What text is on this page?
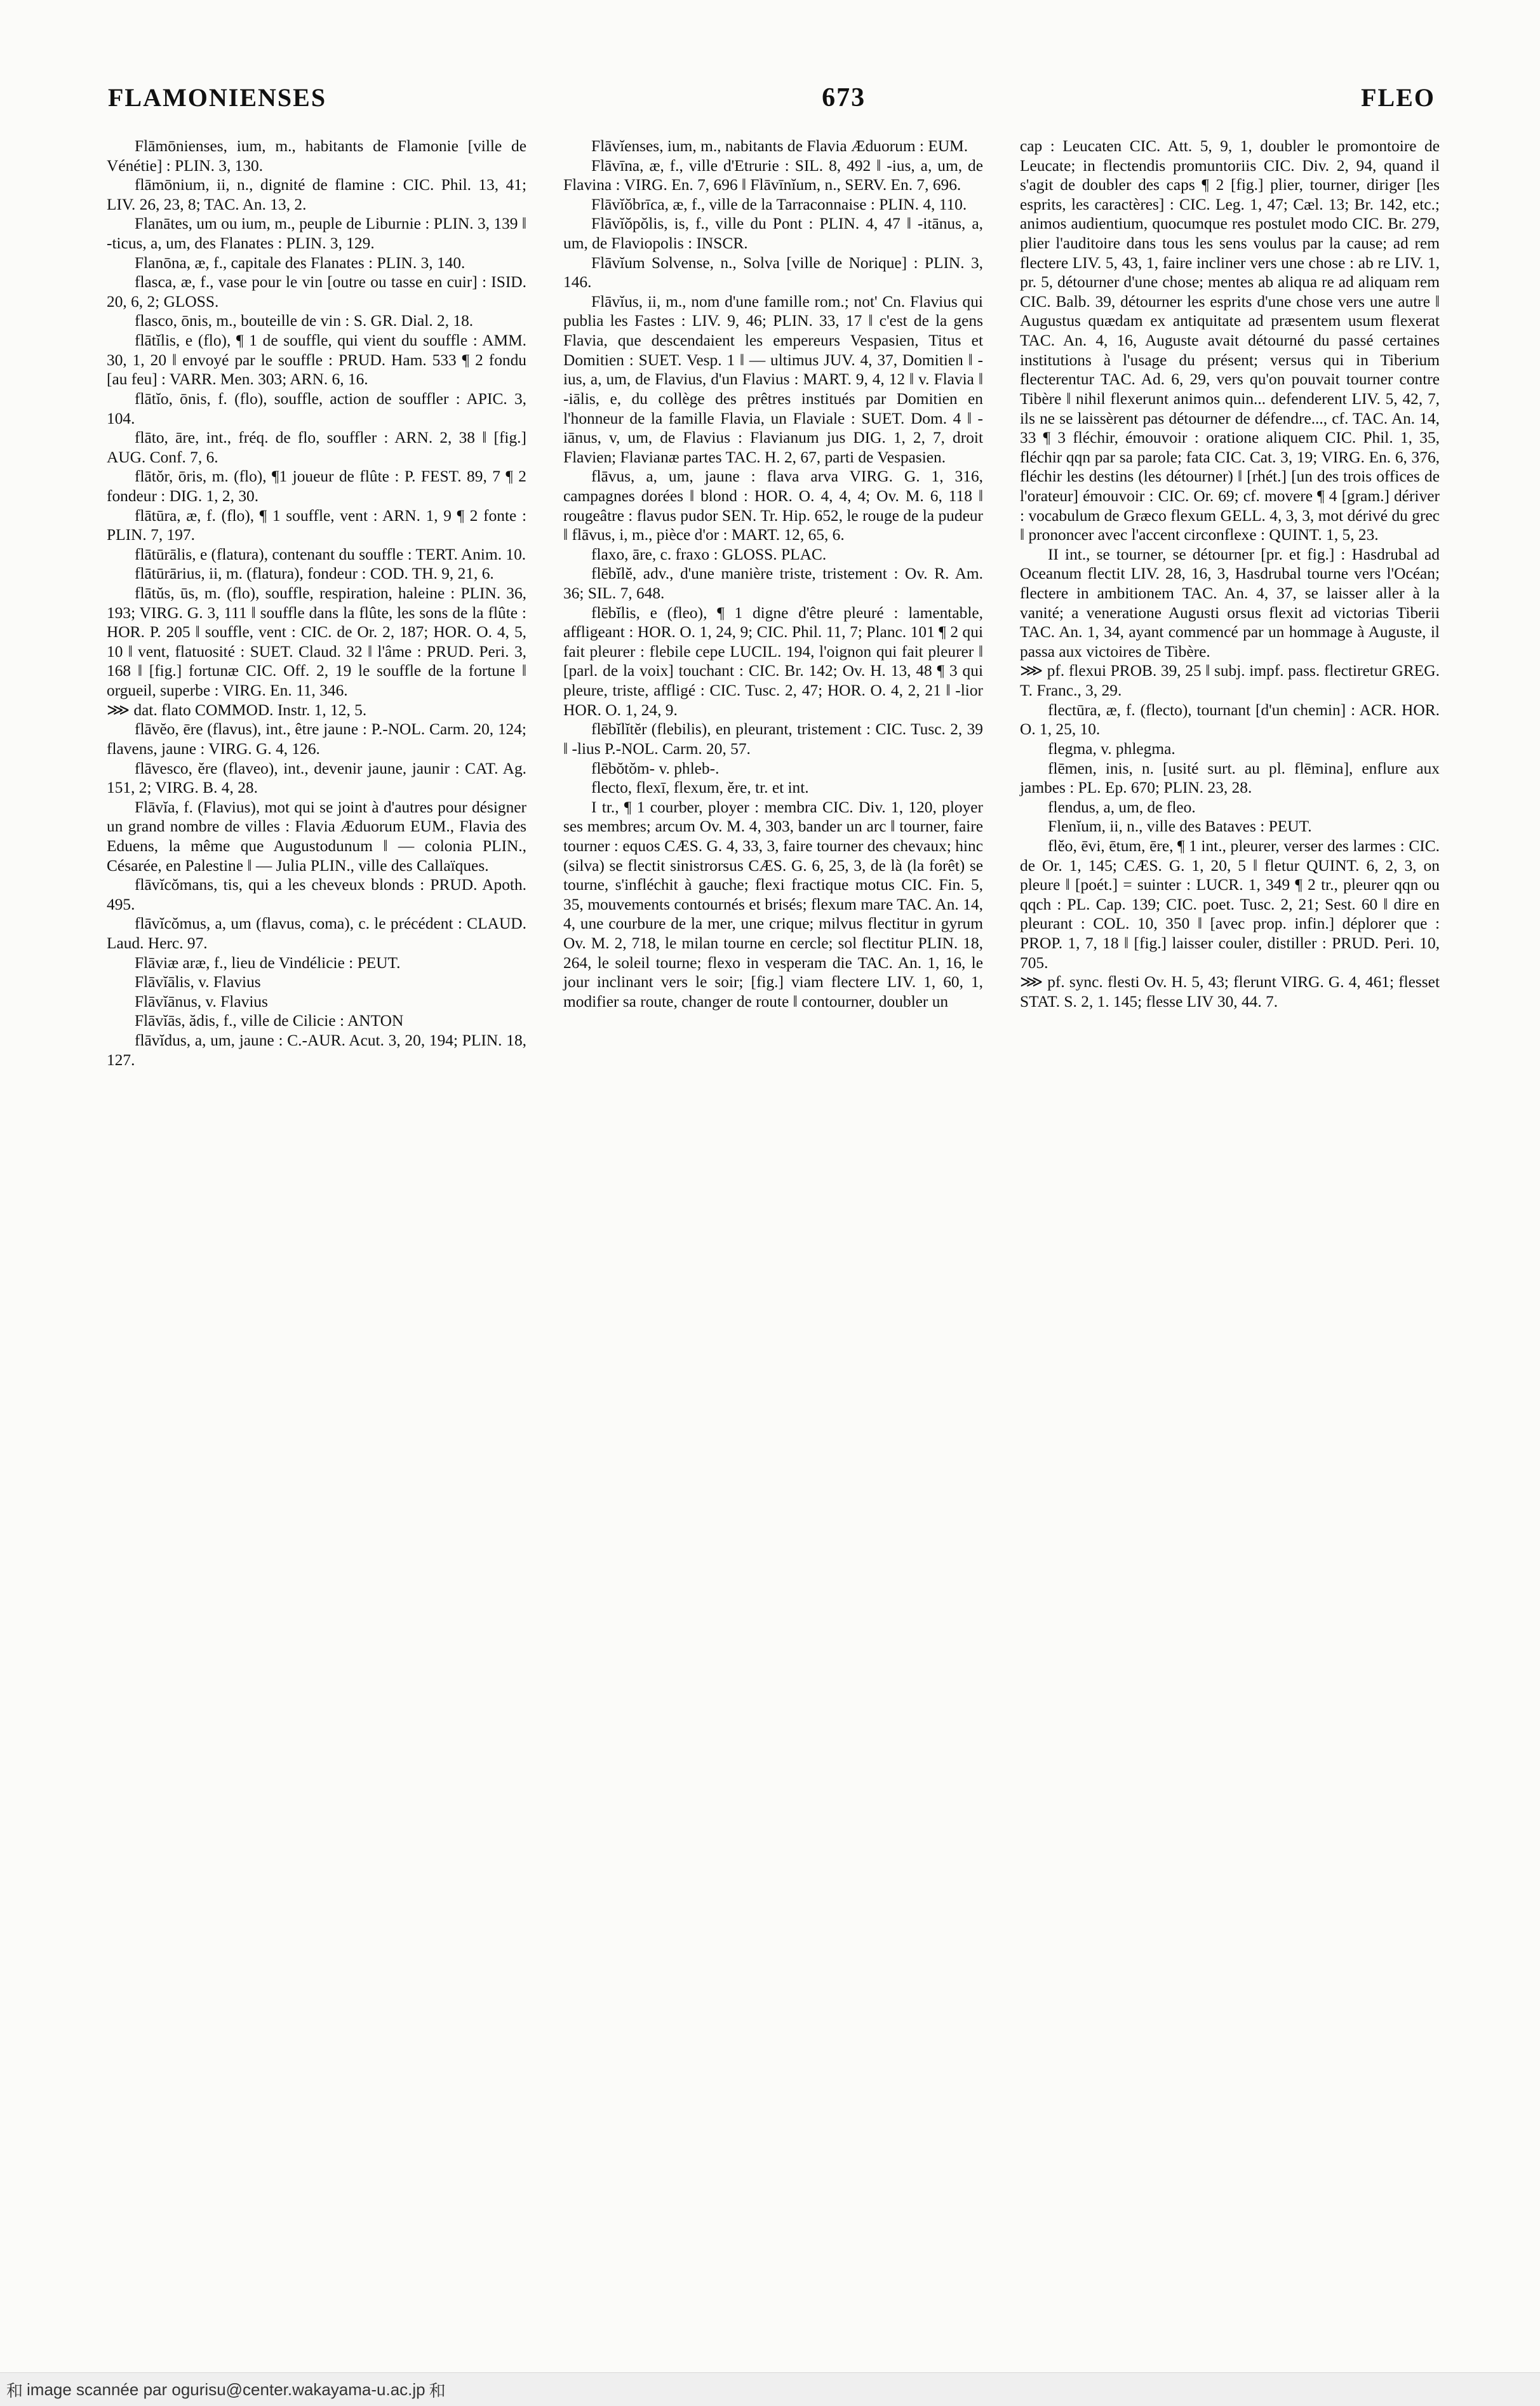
FLAMONIENSES	673	FLEO

Flāmōnienses, ium, m., habitants de Flamonie [ville de Vénétie] : PLIN. 3, 130.

flāmōnium, ii, n., dignité de flamine : CIC. Phil. 13, 41; LIV. 26, 23, 8; TAC. An. 13, 2.

Flanātes, um ou ium, m., peuple de Liburnie : PLIN. 3, 139 ‖ -ticus, a, um, des Flanates : PLIN. 3, 129.

Flanōna, æ, f., capitale des Flanates : PLIN. 3, 140.

flasca, æ, f., vase pour le vin [outre ou tasse en cuir] : ISID. 20, 6, 2; GLOSS.

flasco, ōnis, m., bouteille de vin : S. GR. Dial. 2, 18.

flātĭlis, e (flo), ¶ 1 de souffle, qui vient du souffle : AMM. 30, 1, 20 ‖ envoyé par le souffle : PRUD. Ham. 533 ¶ 2 fondu [au feu] : VARR. Men. 303; ARN. 6, 16.

flātĭo, ōnis, f. (flo), souffle, action de souffler : APIC. 3, 104.

flāto, āre, int., fréq. de flo, souffler : ARN. 2, 38 ‖ [fig.] AUG. Conf. 7, 6.

flātŏr, ōris, m. (flo), ¶1 joueur de flûte : P. FEST. 89, 7 ¶ 2 fondeur : DIG. 1, 2, 30.

flātūra, æ, f. (flo), ¶ 1 souffle, vent : ARN. 1, 9 ¶ 2 fonte : PLIN. 7, 197.

flātūrālis, e (flatura), contenant du souffle : TERT. Anim. 10.

flātūrārius, ii, m. (flatura), fondeur : COD. TH. 9, 21, 6.

flātŭs, ūs, m. (flo), souffle, respiration, haleine : PLIN. 36, 193; VIRG. G. 3, 111 ‖ souffle dans la flûte, les sons de la flûte : HOR. P. 205 ‖ souffle, vent : CIC. de Or. 2, 187; HOR. O. 4, 5, 10 ‖ vent, flatuosité : SUET. Claud. 32 ‖ l'âme : PRUD. Peri. 3, 168 ‖ [fig.] fortunæ CIC. Off. 2, 19 le souffle de la fortune ‖ orgueil, superbe : VIRG. En. 11, 346.

⋙ dat. flato COMMOD. Instr. 1, 12, 5.

flāvĕo, ēre (flavus), int., être jaune : P.-NOL. Carm. 20, 124; flavens, jaune : VIRG. G. 4, 126.

flāvesco, ĕre (flaveo), int., devenir jaune, jaunir : CAT. Ag. 151, 2; VIRG. B. 4, 28.

Flāvĭa, f. (Flavius), mot qui se joint à d'autres pour désigner un grand nombre de villes : Flavia Æduorum EUM., Flavia des Eduens, la même que Augustodunum ‖ — colonia PLIN., Césarée, en Palestine ‖ — Julia PLIN., ville des Callaïques.

flāvĭcŏmans, tis, qui a les cheveux blonds : PRUD. Apoth. 495.

flāvĭcŏmus, a, um (flavus, coma), c. le précédent : CLAUD. Laud. Herc. 97.

Flāviæ aræ, f., lieu de Vindélicie : PEUT.

Flāvĭālis, v. Flavius

Flāvĭānus, v. Flavius

Flāvĭās, ădis, f., ville de Cilicie : ANTON

flāvĭdus, a, um, jaune : C.-AUR. Acut. 3, 20, 194; PLIN. 18, 127.

Flāvĭenses, ium, m., nabitants de Flavia Æduorum : EUM.

Flāvīna, æ, f., ville d'Etrurie : SIL. 8, 492 ‖ -ius, a, um, de Flavina : VIRG. En. 7, 696 ‖ Flāvīnĭum, n., SERV. En. 7, 696.

Flāvĭŏbrīca, æ, f., ville de la Tarraconnaise : PLIN. 4, 110.

Flāvĭŏpŏlis, is, f., ville du Pont : PLIN. 4, 47 ‖ -itānus, a, um, de Flaviopolis : INSCR.

Flāvĭum Solvense, n., Solva [ville de Norique] : PLIN. 3, 146.

Flāvĭus, ii, m., nom d'une famille rom.; not' Cn. Flavius qui publia les Fastes : LIV. 9, 46; PLIN. 33, 17 ‖ c'est de la gens Flavia, que descendaient les empereurs Vespasien, Titus et Domitien : SUET. Vesp. 1 ‖ — ultimus JUV. 4, 37, Domitien ‖ -ius, a, um, de Flavius, d'un Flavius : MART. 9, 4, 12 ‖ v. Flavia ‖ -iālis, e, du collège des prêtres institués par Domitien en l'honneur de la famille Flavia, un Flaviale : SUET. Dom. 4 ‖ -iānus, v, um, de Flavius : Flavianum jus DIG. 1, 2, 7, droit Flavien; Flavianæ partes TAC. H. 2, 67, parti de Vespasien.

flāvus, a, um, jaune : flava arva VIRG. G. 1, 316, campagnes dorées ‖ blond : HOR. O. 4, 4, 4; Ov. M. 6, 118 ‖ rougeâtre : flavus pudor SEN. Tr. Hip. 652, le rouge de la pudeur ‖ flāvus, i, m., pièce d'or : MART. 12, 65, 6.

flaxo, āre, c. fraxo : GLOSS. PLAC.

flēbĭlĕ, adv., d'une manière triste, tristement : Ov. R. Am. 36; SIL. 7, 648.

flēbĭlis, e (fleo), ¶ 1 digne d'être pleuré : lamentable, affligeant : HOR. O. 1, 24, 9; CIC. Phil. 11, 7; Planc. 101 ¶ 2 qui fait pleurer : flebile cepe LUCIL. 194, l'oignon qui fait pleurer ‖ [parl. de la voix] touchant : CIC. Br. 142; Ov. H. 13, 48 ¶ 3 qui pleure, triste, affligé : CIC. Tusc. 2, 47; HOR. O. 4, 2, 21 ‖ -lior HOR. O. 1, 24, 9.

flēbĭlĭtĕr (flebilis), en pleurant, tristement : CIC. Tusc. 2, 39 ‖ -lius P.-NOL. Carm. 20, 57.

flēbŏtŏm- v. phleb-.

flecto, flexī, flexum, ĕre, tr. et int.

I tr., ¶ 1 courber, ployer : membra CIC. Div. 1, 120, ployer ses membres; arcum Ov. M. 4, 303, bander un arc ‖ tourner, faire tourner : equos CÆS. G. 4, 33, 3, faire tourner des chevaux; hinc (silva) se flectit sinistrorsus CÆS. G. 6, 25, 3, de là (la forêt) se tourne, s'infléchit à gauche; flexi fractique motus CIC. Fin. 5, 35, mouvements contournés et brisés; flexum mare TAC. An. 14, 4, une courbure de la mer, une crique; milvus flectitur in gyrum Ov. M. 2, 718, le milan tourne en cercle; sol flectitur PLIN. 18, 264, le soleil tourne; flexo in vesperam die TAC. An. 1, 16, le jour inclinant vers le soir; [fig.] viam flectere LIV. 1, 60, 1, modifier sa route, changer de route ‖ contourner, doubler un

cap : Leucaten CIC. Att. 5, 9, 1, doubler le promontoire de Leucate; in flectendis promuntoriis CIC. Div. 2, 94, quand il s'agit de doubler des caps ¶ 2 [fig.] plier, tourner, diriger [les esprits, les caractères] : CIC. Leg. 1, 47; Cæl. 13; Br. 142, etc.; animos audientium, quocumque res postulet modo CIC. Br. 279, plier l'auditoire dans tous les sens voulus par la cause; ad rem flectere LIV. 5, 43, 1, faire incliner vers une chose : ab re LIV. 1, pr. 5, détourner d'une chose; mentes ab aliqua re ad aliquam rem CIC. Balb. 39, détourner les esprits d'une chose vers une autre ‖ Augustus quædam ex antiquitate ad præsentem usum flexerat TAC. An. 4, 16, Auguste avait détourné du passé certaines institutions à l'usage du présent; versus qui in Tiberium flecterentur TAC. Ad. 6, 29, vers qu'on pouvait tourner contre Tibère ‖ nihil flexerunt animos quin... defenderent LIV. 5, 42, 7, ils ne se laissèrent pas détourner de défendre..., cf. TAC. An. 14, 33 ¶ 3 fléchir, émouvoir : oratione aliquem CIC. Phil. 1, 35, fléchir qqn par sa parole; fata CIC. Cat. 3, 19; VIRG. En. 6, 376, fléchir les destins (les détourner) ‖ [rhét.] [un des trois offices de l'orateur] émouvoir : CIC. Or. 69; cf. movere ¶ 4 [gram.] dériver : vocabulum de Græco flexum GELL. 4, 3, 3, mot dérivé du grec ‖ prononcer avec l'accent circonflexe : QUINT. 1, 5, 23.

II int., se tourner, se détourner [pr. et fig.] : Hasdrubal ad Oceanum flectit LIV. 28, 16, 3, Hasdrubal tourne vers l'Océan; flectere in ambitionem TAC. An. 4, 37, se laisser aller à la vanité; a veneratione Augusti orsus flexit ad victorias Tiberii TAC. An. 1, 34, ayant commencé par un hommage à Auguste, il passa aux victoires de Tibère.

⋙ pf. flexui PROB. 39, 25 ‖ subj. impf. pass. flectiretur GREG. T. Franc., 3, 29.

flectūra, æ, f. (flecto), tournant [d'un chemin] : ACR. HOR. O. 1, 25, 10.

flegma, v. phlegma.

flēmen, inis, n. [usité surt. au pl. flēmina], enflure aux jambes : PL. Ep. 670; PLIN. 23, 28.

flendus, a, um, de fleo.

Flenĭum, ii, n., ville des Bataves : PEUT.

flĕo, ēvi, ētum, ēre, ¶ 1 int., pleurer, verser des larmes : CIC. de Or. 1, 145; CÆS. G. 1, 20, 5 ‖ fletur QUINT. 6, 2, 3, on pleure ‖ [poét.] = suinter : LUCR. 1, 349 ¶ 2 tr., pleurer qqn ou qqch : PL. Cap. 139; CIC. poet. Tusc. 2, 21; Sest. 60 ‖ dire en pleurant : COL. 10, 350 ‖ [avec prop. infin.] déplorer que : PROP. 1, 7, 18 ‖ [fig.] laisser couler, distiller : PRUD. Peri. 10, 705.

⋙ pf. sync. flesti Ov. H. 5, 43; flerunt VIRG. G. 4, 461; flesset STAT. S. 2, 1. 145; flesse LIV 30, 44. 7.

和 image scannée par ogurisu@center.wakayama-u.ac.jp 和
